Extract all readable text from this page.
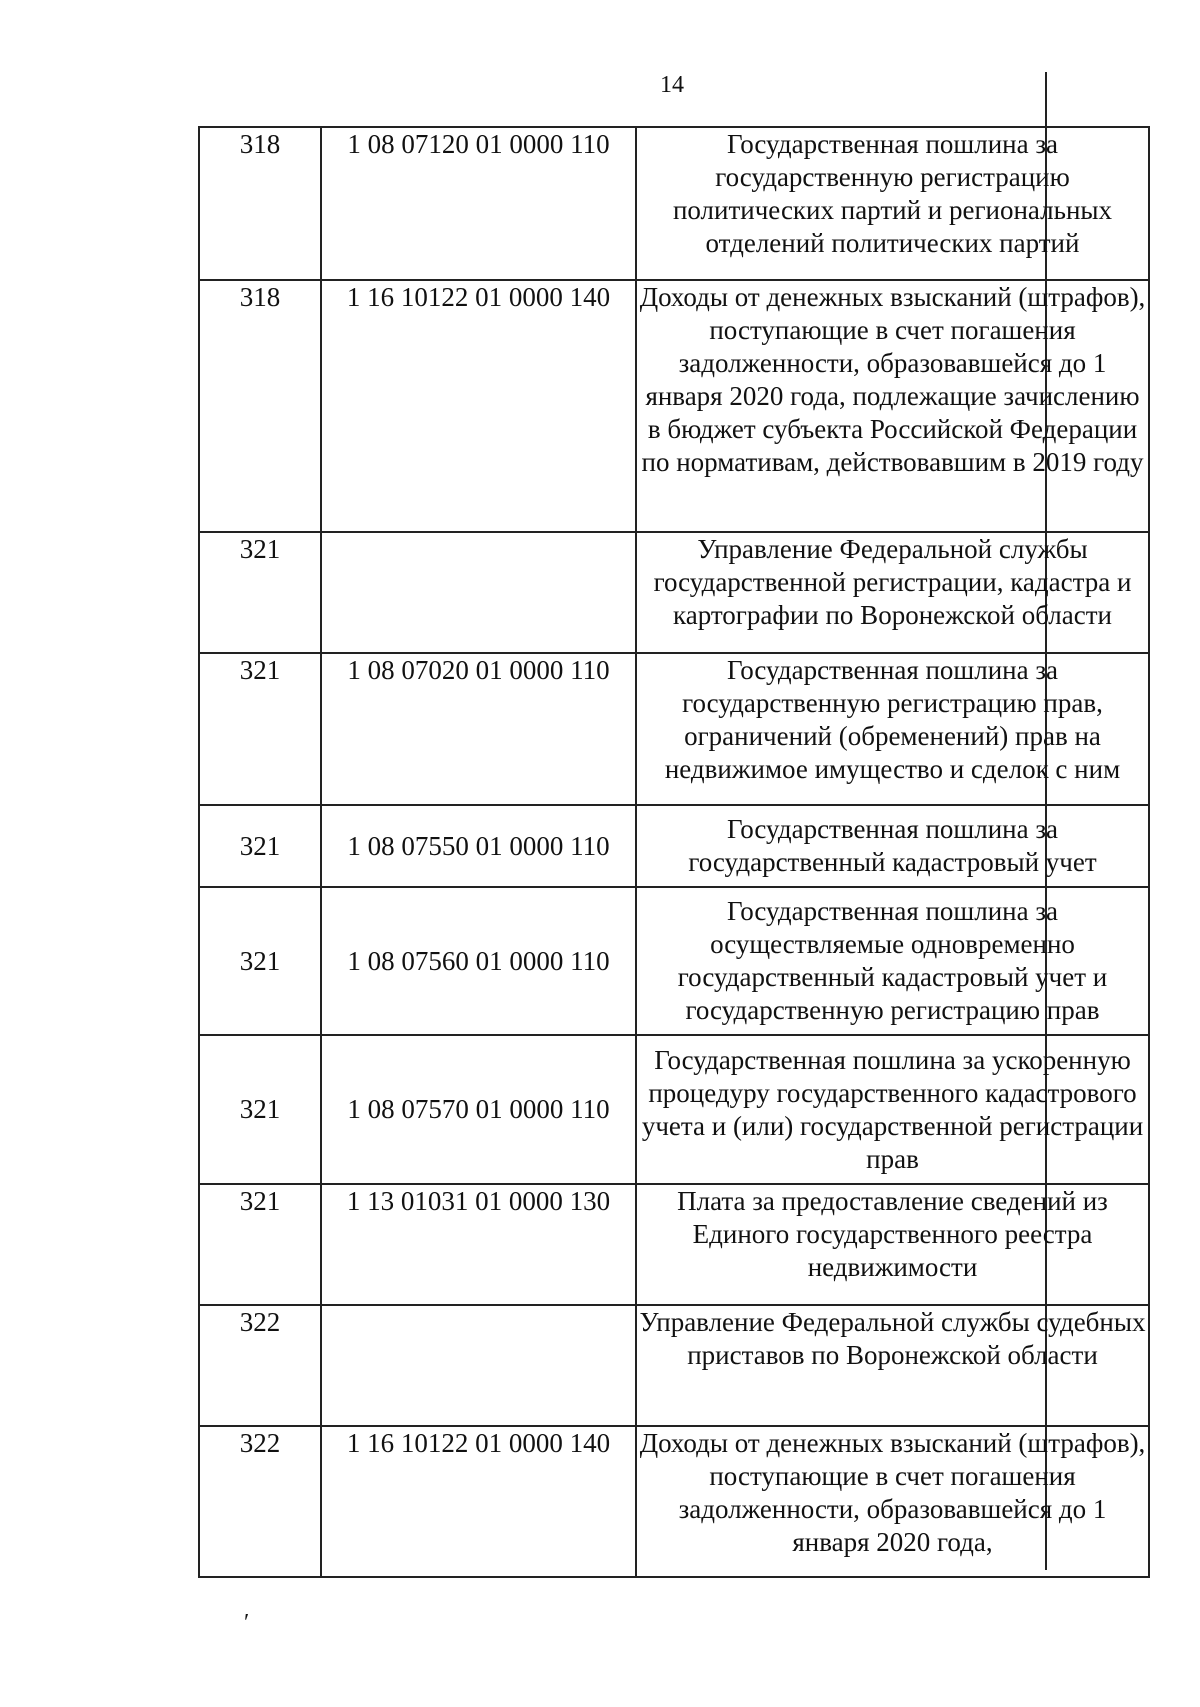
14
318	1 08 07120 01 0000 110	Государственная пошлина за государственную регистрацию политических партий и региональных отделений политических партий
318	1 16 10122 01 0000 140	Доходы от денежных взысканий (штрафов), поступающие в счет погашения задолженности, образовавшейся до 1 января 2020 года, подлежащие зачислению в бюджет субъекта Российской Федерации по нормативам, действовавшим в 2019 году
321		Управление Федеральной службы государственной регистрации, кадастра и картографии по Воронежской области
321	1 08 07020 01 0000 110	Государственная пошлина за государственную регистрацию прав, ограничений (обременений) прав на недвижимое имущество и сделок с ним
321	1 08 07550 01 0000 110	Государственная пошлина за государственный кадастровый учет
321	1 08 07560 01 0000 110	Государственная пошлина за осуществляемые одновременно государственный кадастровый учет и государственную регистрацию прав
321	1 08 07570 01 0000 110	Государственная пошлина за ускоренную процедуру государственного кадастрового учета и (или) государственной регистрации прав
321	1 13 01031 01 0000 130	Плата за предоставление сведений из Единого государственного реестра недвижимости
322		Управление Федеральной службы судебных приставов по Воронежской области
322	1 16 10122 01 0000 140	Доходы от денежных взысканий (штрафов), поступающие в счет погашения задолженности, образовавшейся до 1 января 2020 года,
′
